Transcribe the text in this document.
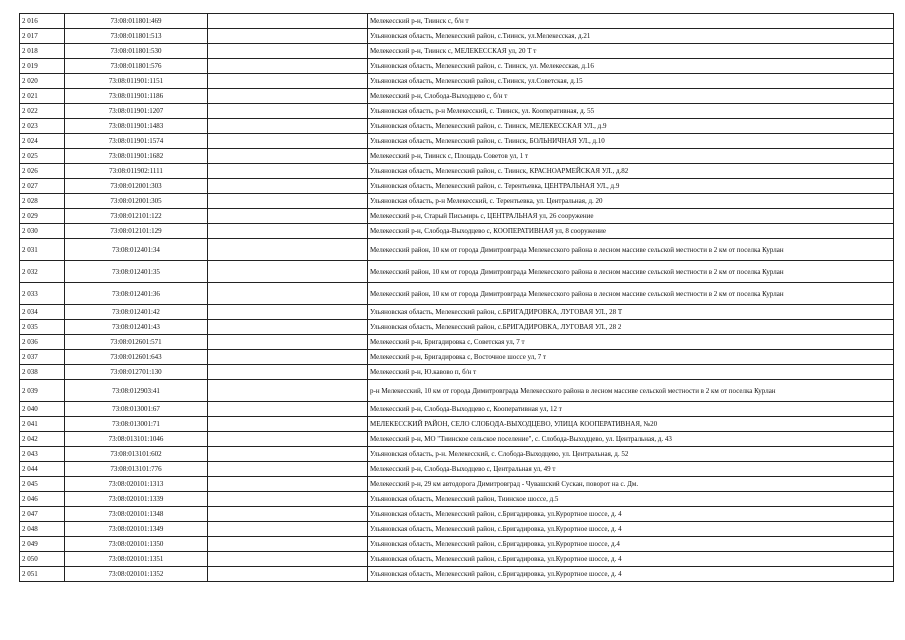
2 016	73:08:011801:469		Мелекесский р-н, Тиинск с, б/н т
2 017	73:08:011801:513		Ульяновская область, Мелекесский район, с.Тиинск, ул.Мелекесская, д.21
2 018	73:08:011801:530		Мелекесский р-н, Тиинск с, МЕЛЕКЕССКАЯ ул, 20 Т т
2 019	73:08:011801:576		Ульяновская область, Мелекесский район, с. Тиинск, ул. Мелекесская, д.16
2 020	73:08:011901:1151		Ульяновская область, Мелекесский район, с.Тиинск, ул.Советская, д.15
2 021	73:08:011901:1186		Мелекесский р-н, Слобода-Выходцево с, б/н т
2 022	73:08:011901:1207		Ульяновская область, р-н Мелекесский, с. Тиинск, ул. Кооперативная, д. 55
2 023	73:08:011901:1483		Ульяновская область, Мелекесский район, с. Тиинск, МЕЛЕКЕССКАЯ УЛ., д.9
2 024	73:08:011901:1574		Ульяновская область, Мелекесский район, с. Тиинск, БОЛЬНИЧНАЯ УЛ., д.10
2 025	73:08:011901:1682		Мелекесский р-н, Тиинск с, Площадь Советов ул, 1 т
2 026	73:08:011902:1111		Ульяновская область, Мелекесский район, с. Тиинск, КРАСНОАРМЕЙСКАЯ УЛ., д.82
2 027	73:08:012001:303		Ульяновская область, Мелекесский район, с. Терентьевка, ЦЕНТРАЛЬНАЯ УЛ., д.9
2 028	73:08:012001:305		Ульяновская область, р-н Мелекесский, с. Терентьевка, ул. Центральная, д. 20
2 029	73:08:012101:122		Мелекесский р-н, Старый Письмирь с, ЦЕНТРАЛЬНАЯ ул, 26 сооружение
2 030	73:08:012101:129		Мелекесский р-н, Слобода-Выходцево с, КООПЕРАТИВНАЯ ул, 8 сооружение
2 031	73:08:012401:34		Мелекесский район, 10 км от города Димитровграда Мелекесского района в лесном массиве сельской местности в 2 км от поселка Курлан
2 032	73:08:012401:35		Мелекесский район, 10 км от города Димитровграда Мелекесского района в лесном массиве сельской местности в 2 км от поселка Курлан
2 033	73:08:012401:36		Мелекесский район, 10 км от города Димитровграда Мелекесского района в лесном массиве сельской местности в 2 км от поселка Курлан
2 034	73:08:012401:42		Ульяновская область, Мелекесский район, с.БРИГАДИРОВКА, ЛУГОВАЯ УЛ., 28 Т
2 035	73:08:012401:43		Ульяновская область, Мелекесский район, с.БРИГАДИРОВКА, ЛУГОВАЯ УЛ., 28 2
2 036	73:08:012601:571		Мелекесский р-н, Бригадировка с, Советская ул, 7 т
2 037	73:08:012601:643		Мелекесский р-н, Бригадировка с, Восточное шоссе ул, 7 т
2 038	73:08:012701:130		Мелекесский р-н, Ю.кавово п, б/н т
2 039	73:08:012903:41		р-н Мелекесский, 10 км от города Димитровграда Мелекесского района в лесном массиве сельской местности в 2 км от поселка Курлан
2 040	73:08:013001:67		Мелекесский р-н, Слобода-Выходцево с, Кооперативная ул, 12 т
2 041	73:08:013001:71		МЕЛЕКЕССКИЙ РАЙОН, СЕЛО СЛОБОДА-ВЫХОДЦЕВО, УЛИЦА КООПЕРАТИВНАЯ, №20
2 042	73:08:013101:1046		Мелекесский р-н, МО "Тиинское сельское поселение", с. Слобода-Выходцево, ул. Центральная, д. 43
2 043	73:08:013101:602		Ульяновская область, р-н. Мелекесский, с. Слобода-Выходцево, ул. Центральная, д. 52
2 044	73:08:013101:776		Мелекесский р-н, Слобода-Выходцево с, Центральная ул, 49 т
2 045	73:08:020101:1313		Мелекесский р-н, 29 км автодорога Димитровград - Чувашский Сускан, поворот на с. Дм.
2 046	73:08:020101:1339		Ульяновская область, Мелекесский район, Тиинское шоссе, д.5
2 047	73:08:020101:1348		Ульяновская область, Мелекесский район, с.Бригадировка, ул.Курортное шоссе, д. 4
2 048	73:08:020101:1349		Ульяновская область, Мелекесский район, с.Бригадировка, ул.Курортное шоссе, д. 4
2 049	73:08:020101:1350		Ульяновская область, Мелекесский район, с.Бригадировка, ул.Курортное шоссе, д.4
2 050	73:08:020101:1351		Ульяновская область, Мелекесский район, с.Бригадировка, ул.Курортное шоссе, д. 4
2 051	73:08:020101:1352		Ульяновская область, Мелекесский район, с.Бригадировка, ул.Курортное шоссе, д. 4
